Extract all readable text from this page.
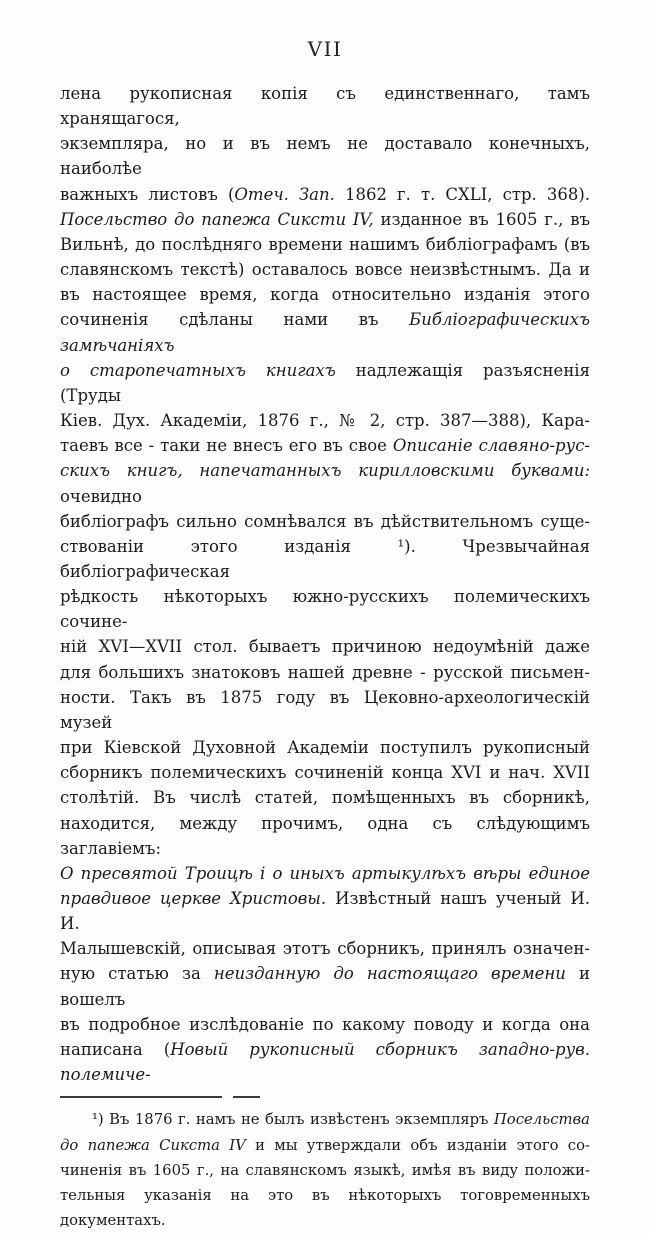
VII
лена рукописная копія съ единственнаго, тамъ хранящагося,
экземпляра, но и въ немъ не доставало конечныхъ, наиболѣе
важныхъ листовъ (Отеч. Зап. 1862 г. т. CXLI, стр. 368).
Посельство до папежа Сиксти IV, изданное въ 1605 г., въ
Вильнѣ, до послѣдняго времени нашимъ библіографамъ (въ
славянскомъ текстѣ) оставалось вовсе неизвѣстнымъ. Да и
въ настоящее время, когда относительно изданія этого
сочиненія сдѣланы нами въ Библіографическихъ замѣчаніяхъ
о старопечатныхъ книгахъ надлежащія разъясненія (Труды
Кіев. Дух. Академіи, 1876 г., № 2, стр. 387—388), Кара-
таевъ все - таки не внесъ его въ свое Описаніе славяно-рус-
скихъ книгъ, напечатанныхъ кирилловскими буквами: очевидно
библіографъ сильно сомнѣвался въ дѣйствительномъ суще-
ствованіи этого изданія ¹). Чрезвычайная библіографическая
рѣдкость нѣкоторыхъ южно-русскихъ полемическихъ сочине-
ній XVI—XVII стол. бываетъ причиною недоумѣній даже
для большихъ знатоковъ нашей древне - русской письмен-
ности. Такъ въ 1875 году въ Цековно-археологическій музей
при Кіевской Духовной Академіи поступилъ рукописный
сборникъ полемическихъ сочиненій конца XVI и нач. XVII
столѣтій. Въ числѣ статей, помѣщенныхъ въ сборникѣ,
находится, между прочимъ, одна съ слѣдующимъ заглавіемъ:
О пресвятой Троицѣ і о иныхъ артыкулѣхъ вѣры единое
правдивое церкве Христовы. Извѣстный нашъ ученый И. И.
Малышевскій, описывая этотъ сборникъ, принялъ означен-
ную статью за неизданную до настоящаго времени и вошелъ
въ подробное изслѣдованіе по какому поводу и когда она
написана (Новый рукописный сборникъ западно-рув. полемиче-
¹) Въ 1876 г. намъ не былъ извѣстенъ экземпляръ Посельства
до папежа Сикста IV и мы утверждали объ изданіи этого со-
чиненія въ 1605 г., на славянскомъ языкѣ, имѣя въ виду положи-
тельныя указанія на это въ нѣкоторыхъ тоговременныхъ документахъ.
